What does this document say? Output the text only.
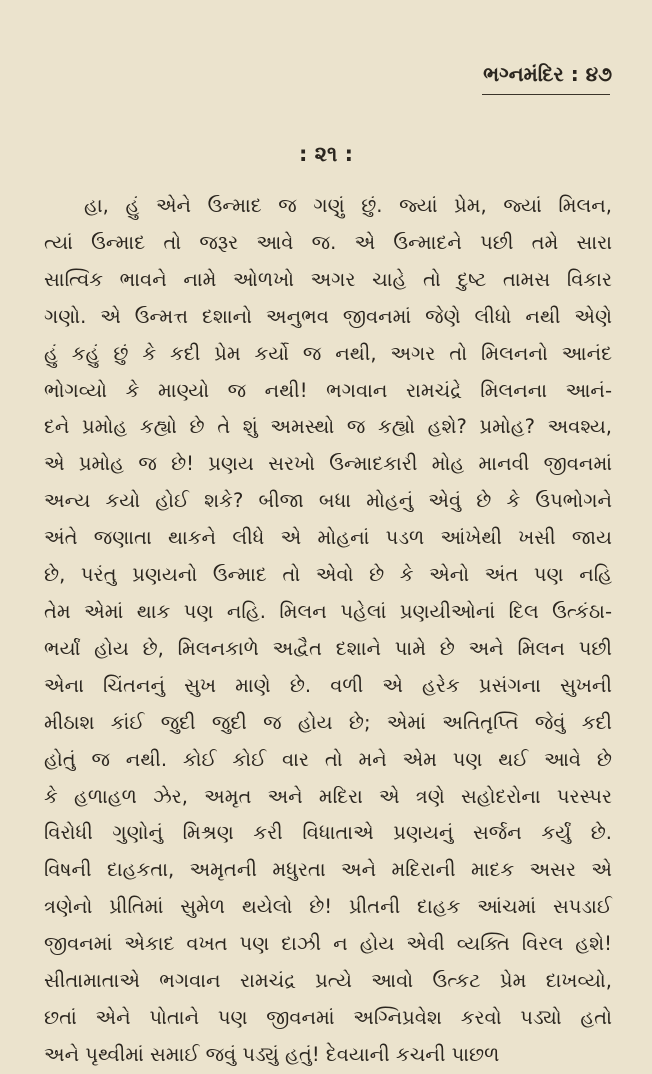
ભગ્નમંદિર : ૪૭
: ૨૧ :
હા, હું એને ઉન્માદ જ ગણું છું. જ્યાં પ્રેમ, જ્યાં મિલન,
ત્યાં ઉન્માદ તો જરૂર આવે જ. એ ઉન્માદને પછી તમે સારા
સાત્વિક ભાવને નામે ઓળખો અગર ચાહે તો દુષ્ટ તામસ વિકાર
ગણો. એ ઉન્મત્ત દશાનો અનુભવ જીવનમાં જેણે લીધો નથી એણે
હું કહું છું કે કદી પ્રેમ કર્યો જ નથી, અગર તો મિલનનો આનંદ
ભોગવ્યો કે માણ્યો જ નથી! ભગવાન રામચંદ્રે મિલનના આનં-
દને પ્રમોહ કહ્યો છે તે શું અમસ્થો જ કહ્યો હશે? પ્રમોહ? અવશ્ય,
એ પ્રમોહ જ છે! પ્રણય સરખો ઉન્માદકારી મોહ માનવી જીવનમાં
અન્ય કયો હોઈ શકે? બીજા બધા મોહનું એવું છે કે ઉપભોગને
અંતે જણાતા થાકને લીધે એ મોહનાં પડળ આંખેથી ખસી જાય
છે, પરંતુ પ્રણયનો ઉન્માદ તો એવો છે કે એનો અંત પણ નહિ
તેમ એમાં થાક પણ નહિ. મિલન પહેલાં પ્રણયીઓનાં દિલ ઉત્કંઠા-
ભર્યાં હોય છે, મિલનકાળે અદ્વૈત દશાને પામે છે અને મિલન પછી
એના ચિંતનનું સુખ માણે છે. વળી એ હરેક પ્રસંગના સુખની
મીઠાશ કાંઈ જુદી જુદી જ હોય છે; એમાં અતિતૃપ્તિ જેવું કદી
હોતું જ નથી. કોઈ કોઈ વાર તો મને એમ પણ થઈ આવે છે
કે હળાહળ ઝેર, અમૃત અને મદિરા એ ત્રણે સહોદરોના પરસ્પર
વિરોધી ગુણોનું મિશ્રણ કરી વિધાતાએ પ્રણયનું સર્જન કર્યું છે.
વિષની દાહકતા, અમૃતની મધુરતા અને મદિરાની માદક અસર એ
ત્રણેનો પ્રીતિમાં સુમેળ થયેલો છે! પ્રીતની દાહક આંચમાં સપડાઈ
જીવનમાં એકાદ વખત પણ દાઝી ન હોય એવી વ્યક્તિ વિરલ હશે!
સીતામાતાએ ભગવાન રામચંદ્ર પ્રત્યે આવો ઉત્કટ પ્રેમ દાખવ્યો,
છતાં એને પોતાને પણ જીવનમાં અગ્નિપ્રવેશ કરવો પડ્યો હતો
અને પૃથ્વીમાં સમાઈ જવું પડ્યું હતું! દેવયાની કચની પાછળ
